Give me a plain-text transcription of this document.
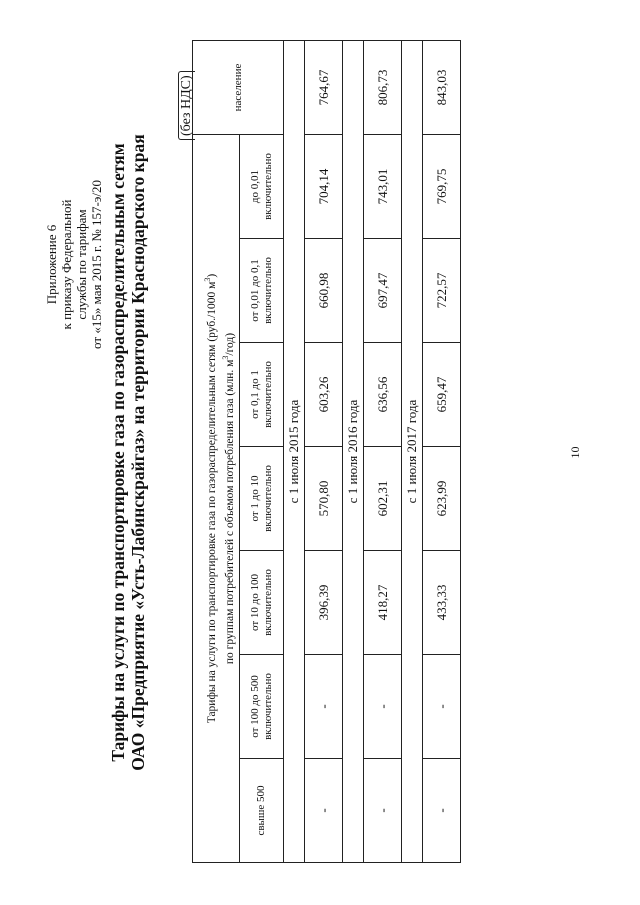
Приложение 6 к приказу Федеральной службы по тарифам от «15» мая 2015 г. № 157-э/20 Тарифы на услуги по транспортировке газа по газораспределительным сетям ОАО «Предприятие «Усть-Лабинскрайгаз» на территории Краснодарского края
(без НДС)
Тарифы на услуги по транспортировке газа по газораспределительным сетям (руб./1000 $м^3$)
по группам потребителей с объемом потребления газа (млн. $м^3/год$)							население
свыше 500	от 100 до 500 включительно	от 10 до 100 включительно	от 1 до 10 включительно	от 0,1 до 1 включительно	от 0,01 до 0,1 включительно	до 0,01 включительно	
с 1 июля 2015 года							
-	-	396,39	570,80	603,26	660,98	704,14	764,67
с 1 июля 2016 года							
-	-	418,27	602,31	636,56	697,47	743,01	806,73
с 1 июля 2017 года							
-	-	433,33	623,99	659,47	722,57	769,75	843,03
10
